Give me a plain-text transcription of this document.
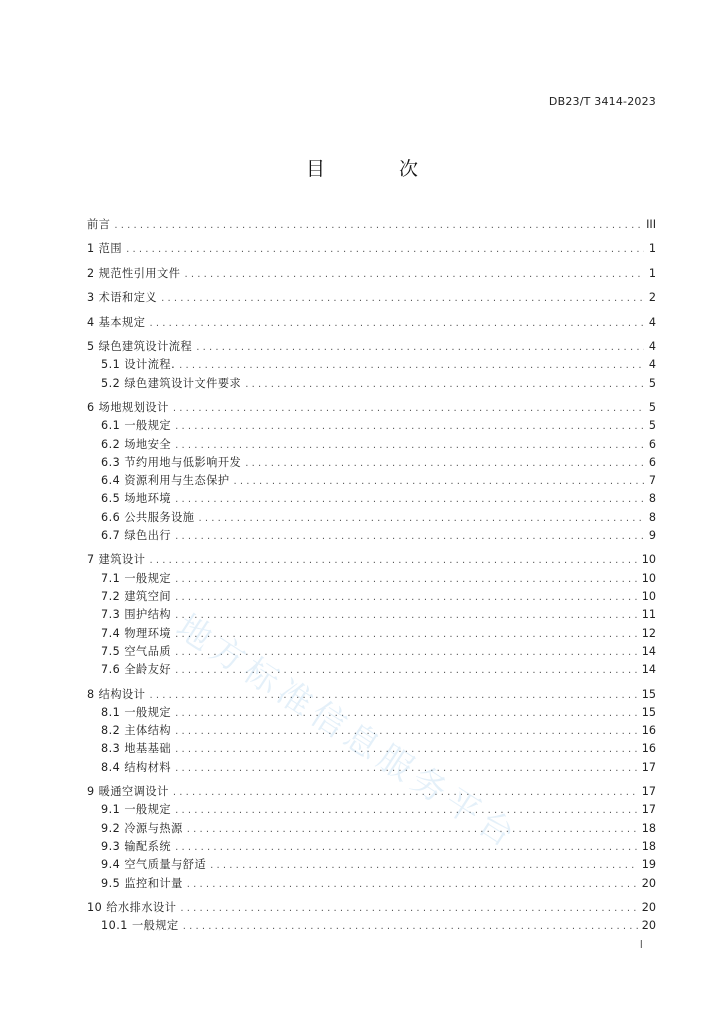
DB23/T 3414-2023
目 次
前言 .....	III
1 范围 .....	1
2 规范性引用文件 .....	1
3 术语和定义 .....	2
4 基本规定 .....	4
5 绿色建筑设计流程 .....	4
5.1 设计流程. .....	4
5.2 绿色建筑设计文件要求 .....	5
6 场地规划设计 .....	5
6.1 一般规定 .....	5
6.2 场地安全 .....	6
6.3 节约用地与低影响开发 .....	6
6.4 资源利用与生态保护 .....	7
6.5 场地环境 .....	8
6.6 公共服务设施 .....	8
6.7 绿色出行 .....	9
7 建筑设计 .....	10
7.1 一般规定 .....	10
7.2 建筑空间 .....	10
7.3 围护结构 .....	11
7.4 物理环境 .....	12
7.5 空气品质 .....	14
7.6 全龄友好 .....	14
8 结构设计 .....	15
8.1 一般规定 .....	15
8.2 主体结构 .....	16
8.3 地基基础 .....	16
8.4 结构材料 .....	17
9 暖通空调设计 .....	17
9.1 一般规定 .....	17
9.2 冷源与热源 .....	18
9.3 输配系统 .....	18
9.4 空气质量与舒适 .....	19
9.5 监控和计量 .....	20
10 给水排水设计 .....	20
10.1 一般规定 .....	20
I
地方标准信息服务平台
